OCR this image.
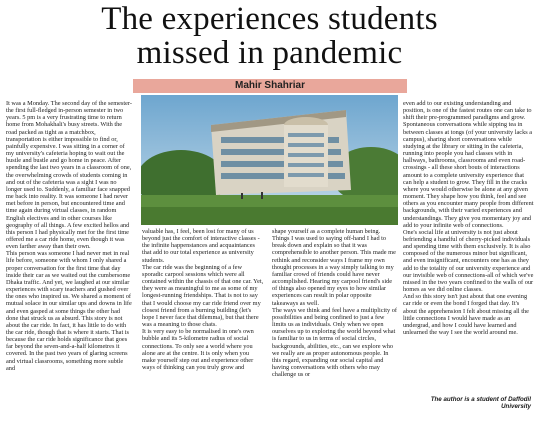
The experiences students
missed in pandemic
Mahir Shahriar

It was a Monday. The second day of the semester- the first full-fledged in-person semester in two years. 5 pm is a very frustrating time to return home from Mohakhali's busy streets. With the road packed as tight as a matchbox, transportation is either impossible to find or, painfully expensive. I was sitting in a corner of my university's cafeteria hoping to wait out the hustle and bustle and go home in peace. After spending the last two years in a classroom of one, the overwhelming crowds of students coming in and out of the cafeteria was a sight I was no longer used to. Suddenly, a familiar face snapped me back into reality. It was someone I had never met before in person, but encountered time and time again during virtual classes, in random English electives and in other courses like geography of all things. A few excited hellos and this person I had physically met for the first time offered me a car ride home, even though it was even farther away than their own.

This person was someone I had never met in real life before, someone with whom I only shared a proper conversation for the first time that day inside their car as we waited out the cumbersome Dhaka traffic. And yet, we laughed at our similar experiences with scary teachers and gushed over the ones who inspired us. We shared a moment of mutual solace in our similar ups and downs in life and even gasped at some things the other had done that struck us as absurd. This story is not about the car ride. In fact, it has little to do with the car ride, though that is where it starts. That is because the car ride holds significance that goes far beyond the seven-and-a-half kilometres it covered. In the past two years of glaring screens and virtual classrooms, something more subtle and

valuable has, I feel, been lost for many of us beyond just the comfort of interactive classes - the infinite happenstances and acquaintances that add to our total experience as university students.

The car ride was the beginning of a few sporadic carpool sessions which were all contained within the chassis of that one car. Yet, they were as meaningful to me as some of my longest-running friendships. That is not to say that I would choose my car ride friend over my closest friend from a burning building (let's hope I never face that dilemma), but that there was a meaning to those chats.

It is very easy to be normalised in one's own bubble and its 5-kilometre radius of social connections. To only see a world where you alone are at the centre. It is only when you make yourself step out and experience other ways of thinking can you truly grow and

shape yourself as a complete human being. Things I was used to saying off-hand I had to break down and explain so that it was comprehensible to another person. This made me rethink and reconsider ways I frame my own thought processes in a way simply talking to my familiar crowd of friends could have never accomplished. Hearing my carpool friend's side of things also opened my eyes to how similar experiences can result in polar opposite takeaways as well.

The ways we think and feel have a multiplicity of possibilities and being confined to just a few limits us as individuals. Only when we open ourselves up to exploring the world beyond what is familiar to us in terms of social circles, backgrounds, abilities, etc., can we explore who we really are as proper autonomous people. In this regard, expanding our social capital and having conversations with others who may challenge us or

even add to our existing understanding and position, is one of the fastest routes one can take to shift their pre-programmed paradigms and grow. Spontaneous conversations while sipping tea in between classes at tongs (of your university lacks a campus), sharing short conversations while studying at the library or sitting in the cafeteria, running into people you had classes with in hallways, bathrooms, classrooms and even road-crossings - all these short bouts of interactions amount to a complete university experience that can help a student to grow. They fill in the cracks where you would otherwise be alone at any given moment. They shape how you think, feel and see others as you encounter many people from different backgrounds, with their varied experiences and understandings. They give you momentary joy and add to your infinite web of connections.

One's social life at university is not just about befriending a handful of cherry-picked individuals and spending time with them exclusively. It is also composed of the numerous minor but significant, and even insignificant, encounters one has as they add to the totality of our university experience and our invisible web of connections-all of which we've missed in the two years confined to the walls of our homes as we did online classes.

And so this story isn't just about that one evening car ride or even the bond I forged that day. It's about the apprehension I felt about missing all the little connections I would have made as an undergrad, and how I could have learned and unlearned the way I see the world around me.

The author is a student of Daffodil
University
